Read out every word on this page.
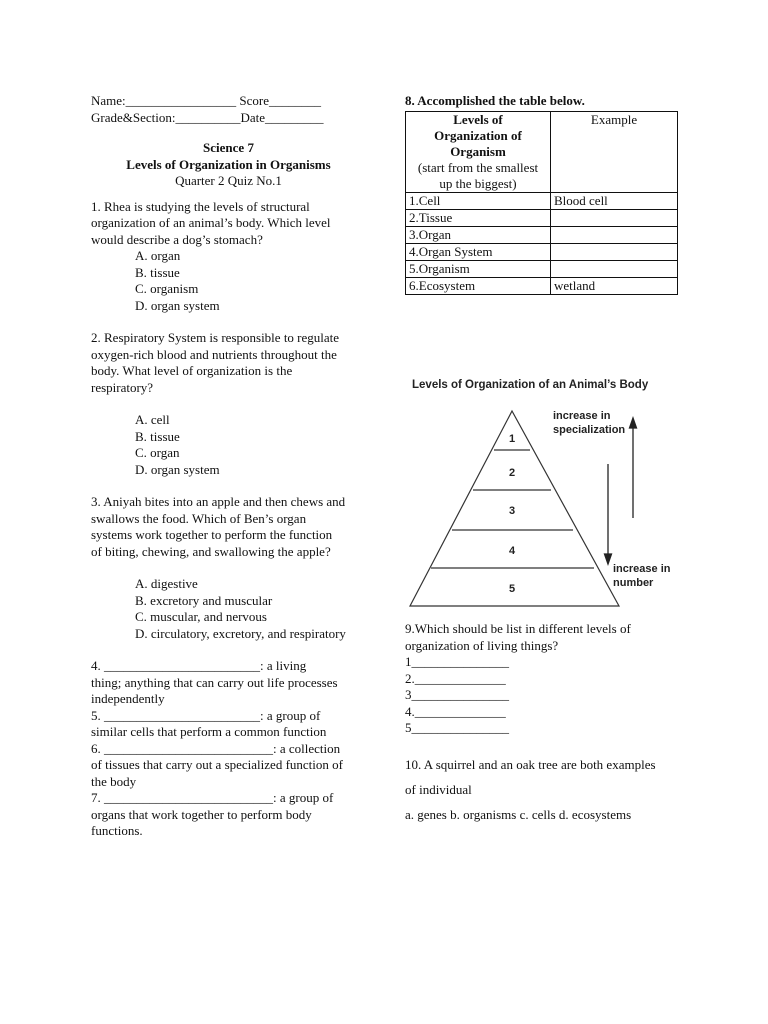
Name:_________________ Score________
Grade&Section:__________Date_________
Science 7
Levels of Organization in Organisms
Quarter 2 Quiz No.1
1. Rhea is studying the levels of structural
organization of an animal’s body. Which level
would describe a dog’s stomach?
A. organ
B. tissue
C. organism
D. organ system
2. Respiratory System is responsible to regulate
oxygen-rich blood and nutrients throughout the
body. What level of organization is the
respiratory?
A. cell
B. tissue
C. organ
D. organ system
3. Aniyah bites into an apple and then chews and
swallows the food. Which of Ben’s organ
systems work together to perform the function
of biting, chewing, and swallowing the apple?
A. digestive
B. excretory and muscular
C. muscular, and nervous
D. circulatory, excretory, and respiratory
4. ________________________: a living
thing; anything that can carry out life processes
independently
5. ________________________: a group of
similar cells that perform a common function
6. __________________________: a collection
of tissues that carry out a specialized function of
the body
7. __________________________: a group of
organs that work together to perform body
functions.
8. Accomplished the table below.
Levels of
Organization of
Organism
(start from the smallest
up the biggest)	Example
1.Cell	Blood cell
2.Tissue	
3.Organ	
4.Organ System	
5.Organism	
6.Ecosystem	wetland
Levels of Organization of an Animal’s Body
1
2
3
4
5
increase in
specialization
increase in
number
9.Which should be list in different levels of
organization of living things?
1_______________
2.______________
3_______________
4.______________
5_______________
10. A squirrel and an oak tree are both examples
of individual
a. genes b. organisms c. cells d. ecosystems
